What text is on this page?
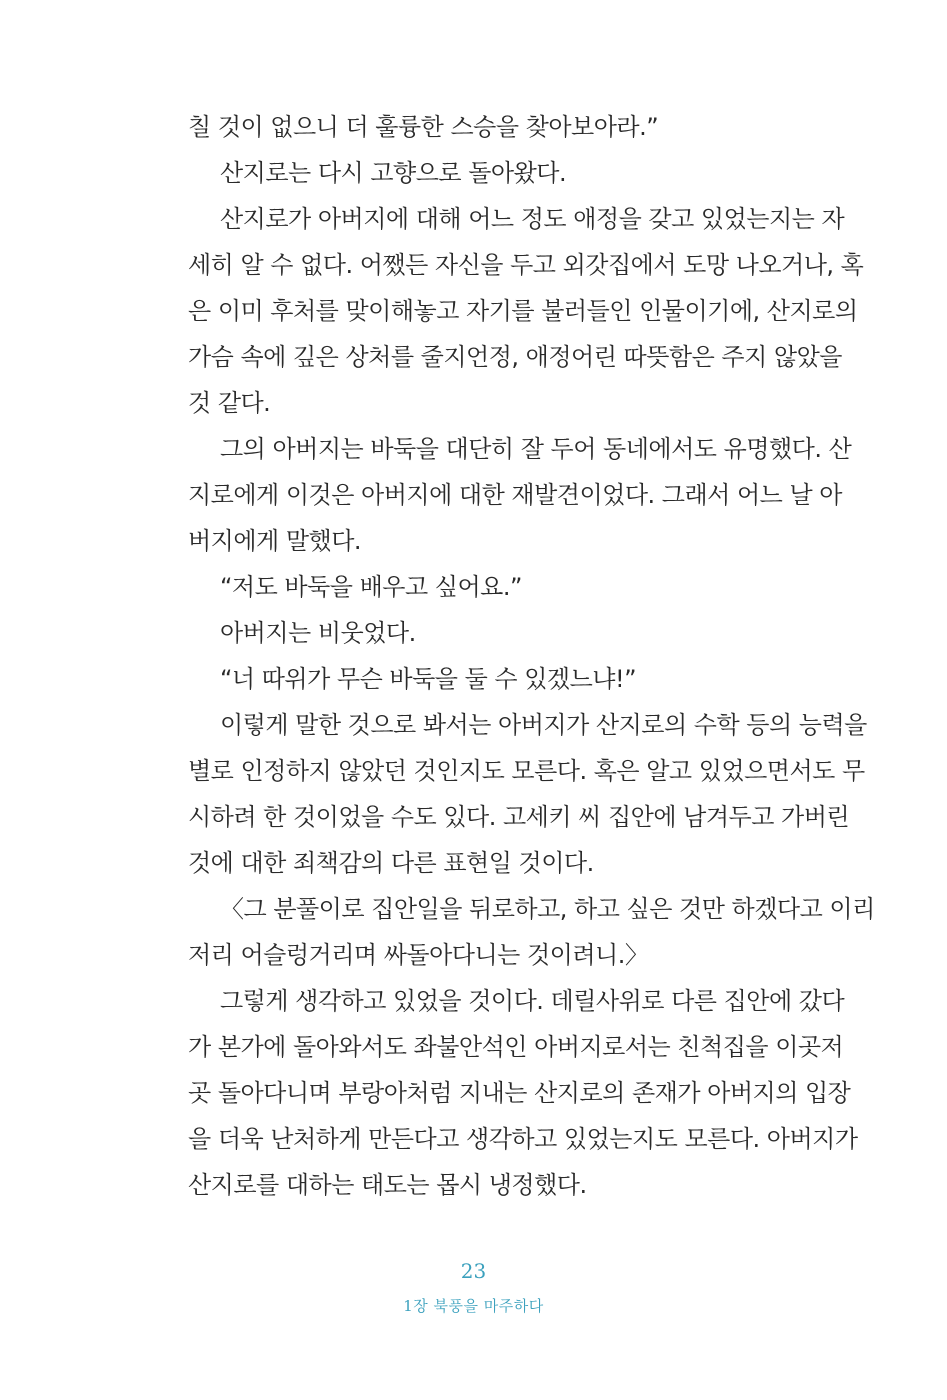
칠 것이 없으니 더 훌륭한 스승을 찾아보아라.”
산지로는 다시 고향으로 돌아왔다.
산지로가 아버지에 대해 어느 정도 애정을 갖고 있었는지는 자
세히 알 수 없다. 어쨌든 자신을 두고 외갓집에서 도망 나오거나, 혹
은 이미 후처를 맞이해놓고 자기를 불러들인 인물이기에, 산지로의
가슴 속에 깊은 상처를 줄지언정, 애정어린 따뜻함은 주지 않았을
것 같다.
그의 아버지는 바둑을 대단히 잘 두어 동네에서도 유명했다. 산
지로에게 이것은 아버지에 대한 재발견이었다. 그래서 어느 날 아
버지에게 말했다.
“저도 바둑을 배우고 싶어요.”
아버지는 비웃었다.
“너 따위가 무슨 바둑을 둘 수 있겠느냐!”
이렇게 말한 것으로 봐서는 아버지가 산지로의 수학 등의 능력을
별로 인정하지 않았던 것인지도 모른다. 혹은 알고 있었으면서도 무
시하려 한 것이었을 수도 있다. 고세키 씨 집안에 남겨두고 가버린
것에 대한 죄책감의 다른 표현일 것이다.
〈그 분풀이로 집안일을 뒤로하고, 하고 싶은 것만 하겠다고 이리
저리 어슬렁거리며 싸돌아다니는 것이려니.〉
그렇게 생각하고 있었을 것이다. 데릴사위로 다른 집안에 갔다
가 본가에 돌아와서도 좌불안석인 아버지로서는 친척집을 이곳저
곳 돌아다니며 부랑아처럼 지내는 산지로의 존재가 아버지의 입장
을 더욱 난처하게 만든다고 생각하고 있었는지도 모른다. 아버지가
산지로를 대하는 태도는 몹시 냉정했다.
23
1장 북풍을 마주하다
